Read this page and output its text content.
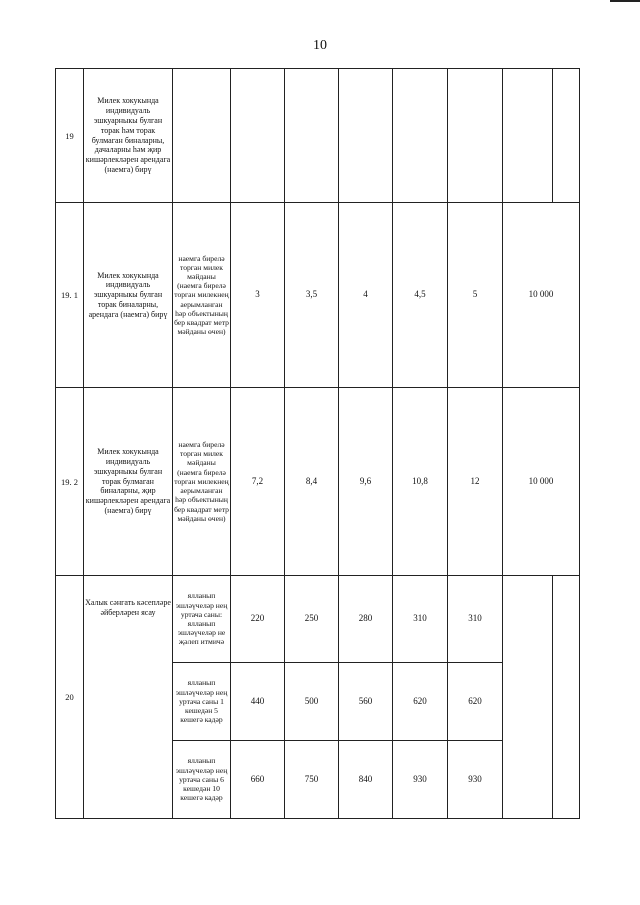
10
19	Милек хокукында индивидуаль эшкуарныкы булган торак һәм торак булмаган биналарны, дачаларны һәм җир кишәрлекләрен арендага (наемга) бирү								
19. 1	Милек хокукында индивидуаль эшкуарныкы булган торак биналарны, арендага (наемга) бирү	наемга бирелә торган милек мәйданы (наемга бирелә торган милекнең аерымланган һәр объектының бер квадрат метр мәйданы өчен)	3	3,5	4	4,5	5	10 000	
19. 2	Милек хокукында индивидуаль эшкуарныкы булган торак булмаган биналарны, җир кишәрлекләрен арендага (наемга) бирү	наемга бирелә торган милек мәйданы (наемга бирелә торган милекнең аерымланган һәр объектының бер квадрат метр мәйданы өчен)	7,2	8,4	9,6	10,8	12	10 000	
20	Халык сәнгать кәсепләре әйберләрен ясау	ялланып эшләүчеләр нең уртача саны: ялланып эшләүчеләр не җәлеп итмичә	220	250	280	310	310		
		ялланып эшләүчеләр нең уртача саны 1 кешедән 5 кешегә кадәр	440	500	560	620	620		
		ялланып эшләүчеләр нең уртача саны 6 кешедән 10 кешегә кадәр	660	750	840	930	930		
